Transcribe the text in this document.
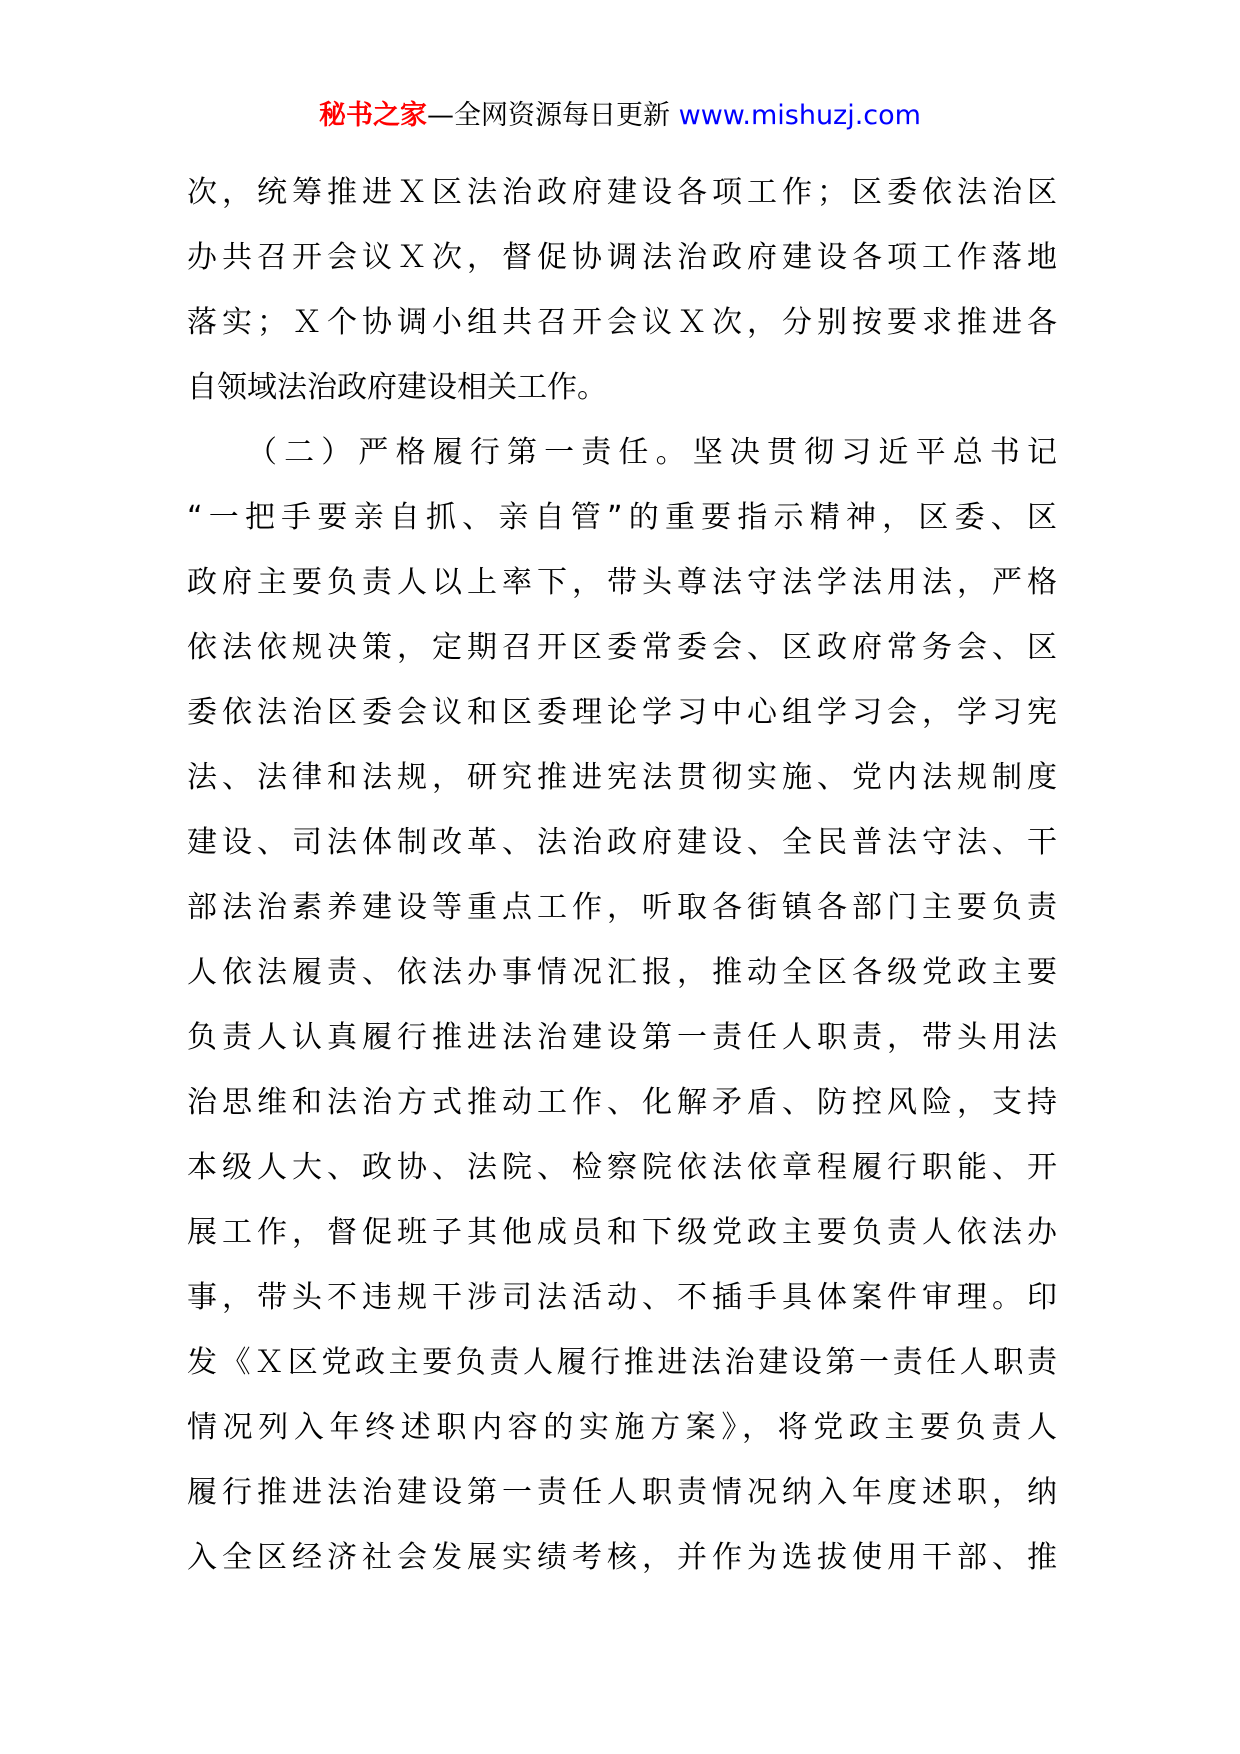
秘书之家—全网资源每日更新 www.mishuzj.com
次，统筹推进Ｘ区法治政府建设各项工作；区委依法治区
办共召开会议Ｘ次，督促协调法治政府建设各项工作落地
落实；Ｘ个协调小组共召开会议Ｘ次，分别按要求推进各
自领域法治政府建设相关工作。
（二）严格履行第一责任。坚决贯彻习近平总书记
“一把手要亲自抓、亲自管”的重要指示精神，区委、区
政府主要负责人以上率下，带头尊法守法学法用法，严格
依法依规决策，定期召开区委常委会、区政府常务会、区
委依法治区委会议和区委理论学习中心组学习会，学习宪
法、法律和法规，研究推进宪法贯彻实施、党内法规制度
建设、司法体制改革、法治政府建设、全民普法守法、干
部法治素养建设等重点工作，听取各街镇各部门主要负责
人依法履责、依法办事情况汇报，推动全区各级党政主要
负责人认真履行推进法治建设第一责任人职责，带头用法
治思维和法治方式推动工作、化解矛盾、防控风险，支持
本级人大、政协、法院、检察院依法依章程履行职能、开
展工作，督促班子其他成员和下级党政主要负责人依法办
事，带头不违规干涉司法活动、不插手具体案件审理。印
发《Ｘ区党政主要负责人履行推进法治建设第一责任人职责
情况列入年终述职内容的实施方案》，将党政主要负责人
履行推进法治建设第一责任人职责情况纳入年度述职，纳
入全区经济社会发展实绩考核，并作为选拔使用干部、推
